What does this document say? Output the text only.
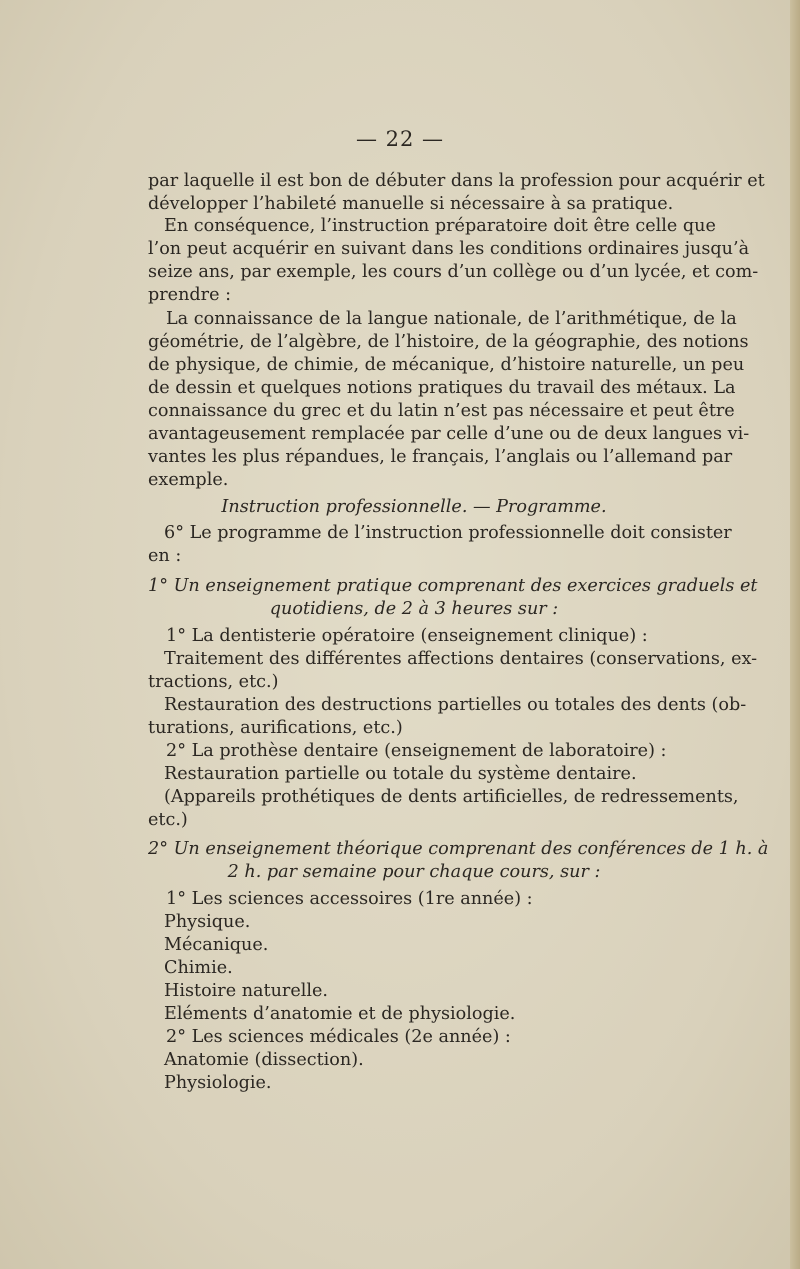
— 22 —
par laquelle il est bon de débuter dans la profession pour acquérir et
développer l’habileté manuelle si nécessaire à sa pratique.
En conséquence, l’instruction préparatoire doit être celle que
l’on peut acquérir en suivant dans les conditions ordinaires jusqu’à
seize ans, par exemple, les cours d’un collège ou d’un lycée, et com-
prendre :
La connaissance de la langue nationale, de l’arithmétique, de la
géométrie, de l’algèbre, de l’histoire, de la géographie, des notions
de physique, de chimie, de mécanique, d’histoire naturelle, un peu
de dessin et quelques notions pratiques du travail des métaux. La
connaissance du grec et du latin n’est pas nécessaire et peut être
avantageusement remplacée par celle d’une ou de deux langues vi-
vantes les plus répandues, le français, l’anglais ou l’allemand par
exemple.
Instruction professionnelle. — Programme.
6° Le programme de l’instruction professionnelle doit consister
en :
1° Un enseignement pratique comprenant des exercices graduels et
quotidiens, de 2 à 3 heures sur :
1° La dentisterie opératoire (enseignement clinique) :
Traitement des différentes affections dentaires (conservations, ex-
tractions, etc.)
Restauration des destructions partielles ou totales des dents (ob-
turations, aurifications, etc.)
2° La prothèse dentaire (enseignement de laboratoire) :
Restauration partielle ou totale du système dentaire.
(Appareils prothétiques de dents artificielles, de redressements,
etc.)
2° Un enseignement théorique comprenant des conférences de 1 h. à
2 h. par semaine pour chaque cours, sur :
1° Les sciences accessoires (1re année) :
Physique.
Mécanique.
Chimie.
Histoire naturelle.
Eléments d’anatomie et de physiologie.
2° Les sciences médicales (2e année) :
Anatomie (dissection).
Physiologie.
